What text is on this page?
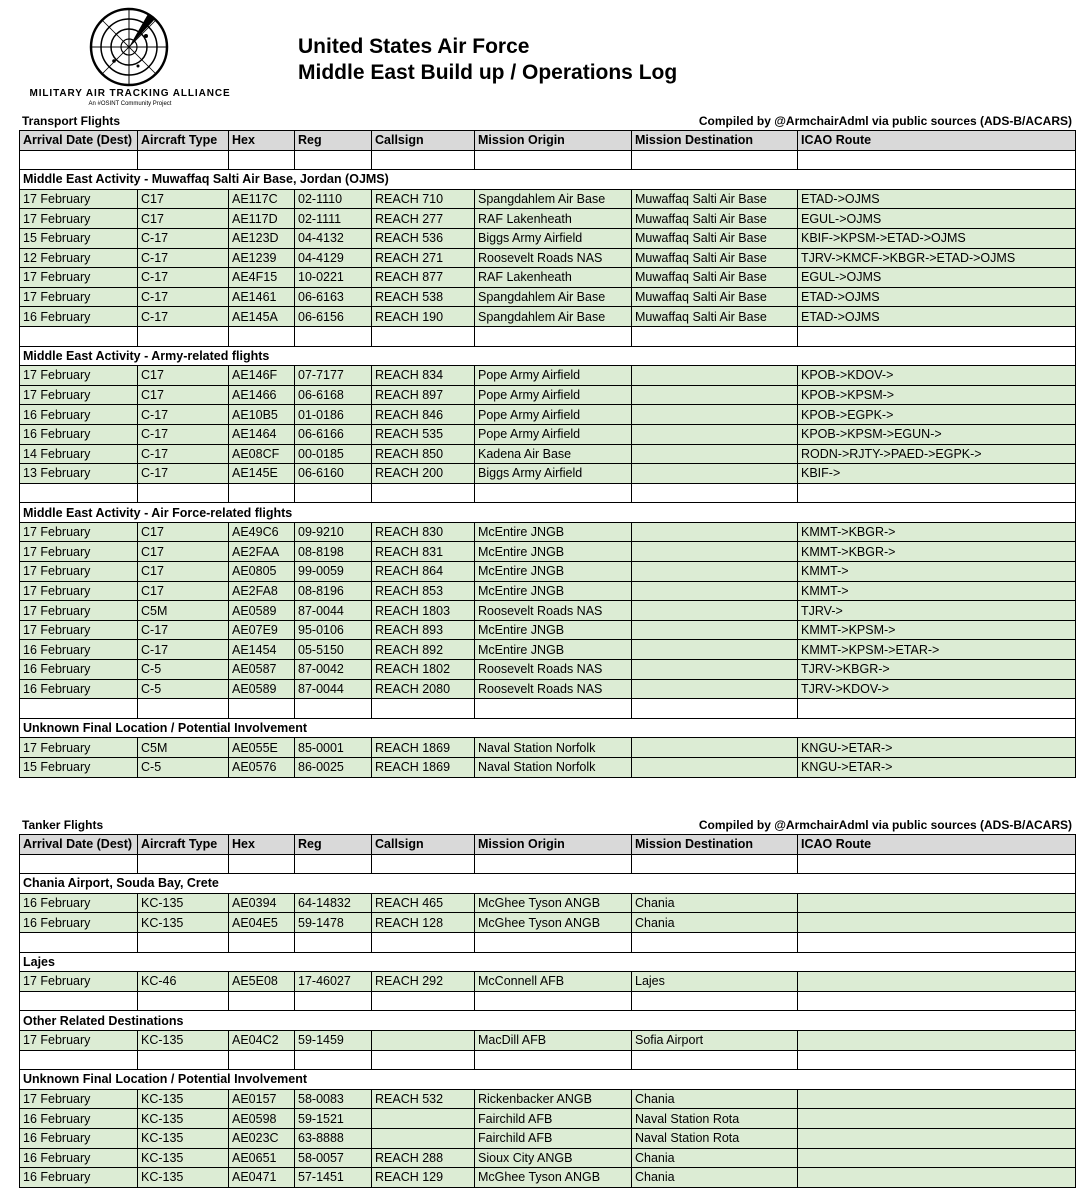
MILITARY AIR TRACKING ALLIANCE
An #OSINT Community Project
United States Air Force
Middle East Build up / Operations Log
Transport Flights	Compiled by @ArmchairAdml via public sources (ADS-B/ACARS)
Arrival Date (Dest)	Aircraft Type	Hex	Reg	Callsign	Mission Origin	Mission Destination	ICAO Route

Middle East Activity - Muwaffaq Salti Air Base, Jordan (OJMS)							
17 February	C17	AE117C	02-1110	REACH 710	Spangdahlem Air Base	Muwaffaq Salti Air Base	ETAD->OJMS
17 February	C17	AE117D	02-1111	REACH 277	RAF Lakenheath	Muwaffaq Salti Air Base	EGUL->OJMS
15 February	C-17	AE123D	04-4132	REACH 536	Biggs Army Airfield	Muwaffaq Salti Air Base	KBIF->KPSM->ETAD->OJMS
12 February	C-17	AE1239	04-4129	REACH 271	Roosevelt Roads NAS	Muwaffaq Salti Air Base	TJRV->KMCF->KBGR->ETAD->OJMS
17 February	C-17	AE4F15	10-0221	REACH 877	RAF Lakenheath	Muwaffaq Salti Air Base	EGUL->OJMS
17 February	C-17	AE1461	06-6163	REACH 538	Spangdahlem Air Base	Muwaffaq Salti Air Base	ETAD->OJMS
16 February	C-17	AE145A	06-6156	REACH 190	Spangdahlem Air Base	Muwaffaq Salti Air Base	ETAD->OJMS

Middle East Activity - Army-related flights							
17 February	C17	AE146F	07-7177	REACH 834	Pope Army Airfield		KPOB->KDOV->
17 February	C17	AE1466	06-6168	REACH 897	Pope Army Airfield		KPOB->KPSM->
16 February	C-17	AE10B5	01-0186	REACH 846	Pope Army Airfield		KPOB->EGPK->
16 February	C-17	AE1464	06-6166	REACH 535	Pope Army Airfield		KPOB->KPSM->EGUN->
14 February	C-17	AE08CF	00-0185	REACH 850	Kadena Air Base		RODN->RJTY->PAED->EGPK->
13 February	C-17	AE145E	06-6160	REACH 200	Biggs Army Airfield		KBIF->

Middle East Activity - Air Force-related flights							
17 February	C17	AE49C6	09-9210	REACH 830	McEntire JNGB		KMMT->KBGR->
17 February	C17	AE2FAA	08-8198	REACH 831	McEntire JNGB		KMMT->KBGR->
17 February	C17	AE0805	99-0059	REACH 864	McEntire JNGB		KMMT->
17 February	C17	AE2FA8	08-8196	REACH 853	McEntire JNGB		KMMT->
17 February	C5M	AE0589	87-0044	REACH 1803	Roosevelt Roads NAS		TJRV->
17 February	C-17	AE07E9	95-0106	REACH 893	McEntire JNGB		KMMT->KPSM->
16 February	C-17	AE1454	05-5150	REACH 892	McEntire JNGB		KMMT->KPSM->ETAR->
16 February	C-5	AE0587	87-0042	REACH 1802	Roosevelt Roads NAS		TJRV->KBGR->
16 February	C-5	AE0589	87-0044	REACH 2080	Roosevelt Roads NAS		TJRV->KDOV->

Unknown Final Location / Potential Involvement							
17 February	C5M	AE055E	85-0001	REACH 1869	Naval Station Norfolk		KNGU->ETAR->
15 February	C-5	AE0576	86-0025	REACH 1869	Naval Station Norfolk		KNGU->ETAR->
Tanker Flights	Compiled by @ArmchairAdml via public sources (ADS-B/ACARS)
Arrival Date (Dest)	Aircraft Type	Hex	Reg	Callsign	Mission Origin	Mission Destination	ICAO Route

Chania Airport, Souda Bay, Crete							
16 February	KC-135	AE0394	64-14832	REACH 465	McGhee Tyson ANGB	Chania	
16 February	KC-135	AE04E5	59-1478	REACH 128	McGhee Tyson ANGB	Chania	

Lajes							
17 February	KC-46	AE5E08	17-46027	REACH 292	McConnell AFB	Lajes	

Other Related Destinations							
17 February	KC-135	AE04C2	59-1459		MacDill AFB	Sofia Airport	

Unknown Final Location / Potential Involvement							
17 February	KC-135	AE0157	58-0083	REACH 532	Rickenbacker ANGB	Chania	
16 February	KC-135	AE0598	59-1521		Fairchild AFB	Naval Station Rota	
16 February	KC-135	AE023C	63-8888		Fairchild AFB	Naval Station Rota	
16 February	KC-135	AE0651	58-0057	REACH 288	Sioux City ANGB	Chania	
16 February	KC-135	AE0471	57-1451	REACH 129	McGhee Tyson ANGB	Chania	
